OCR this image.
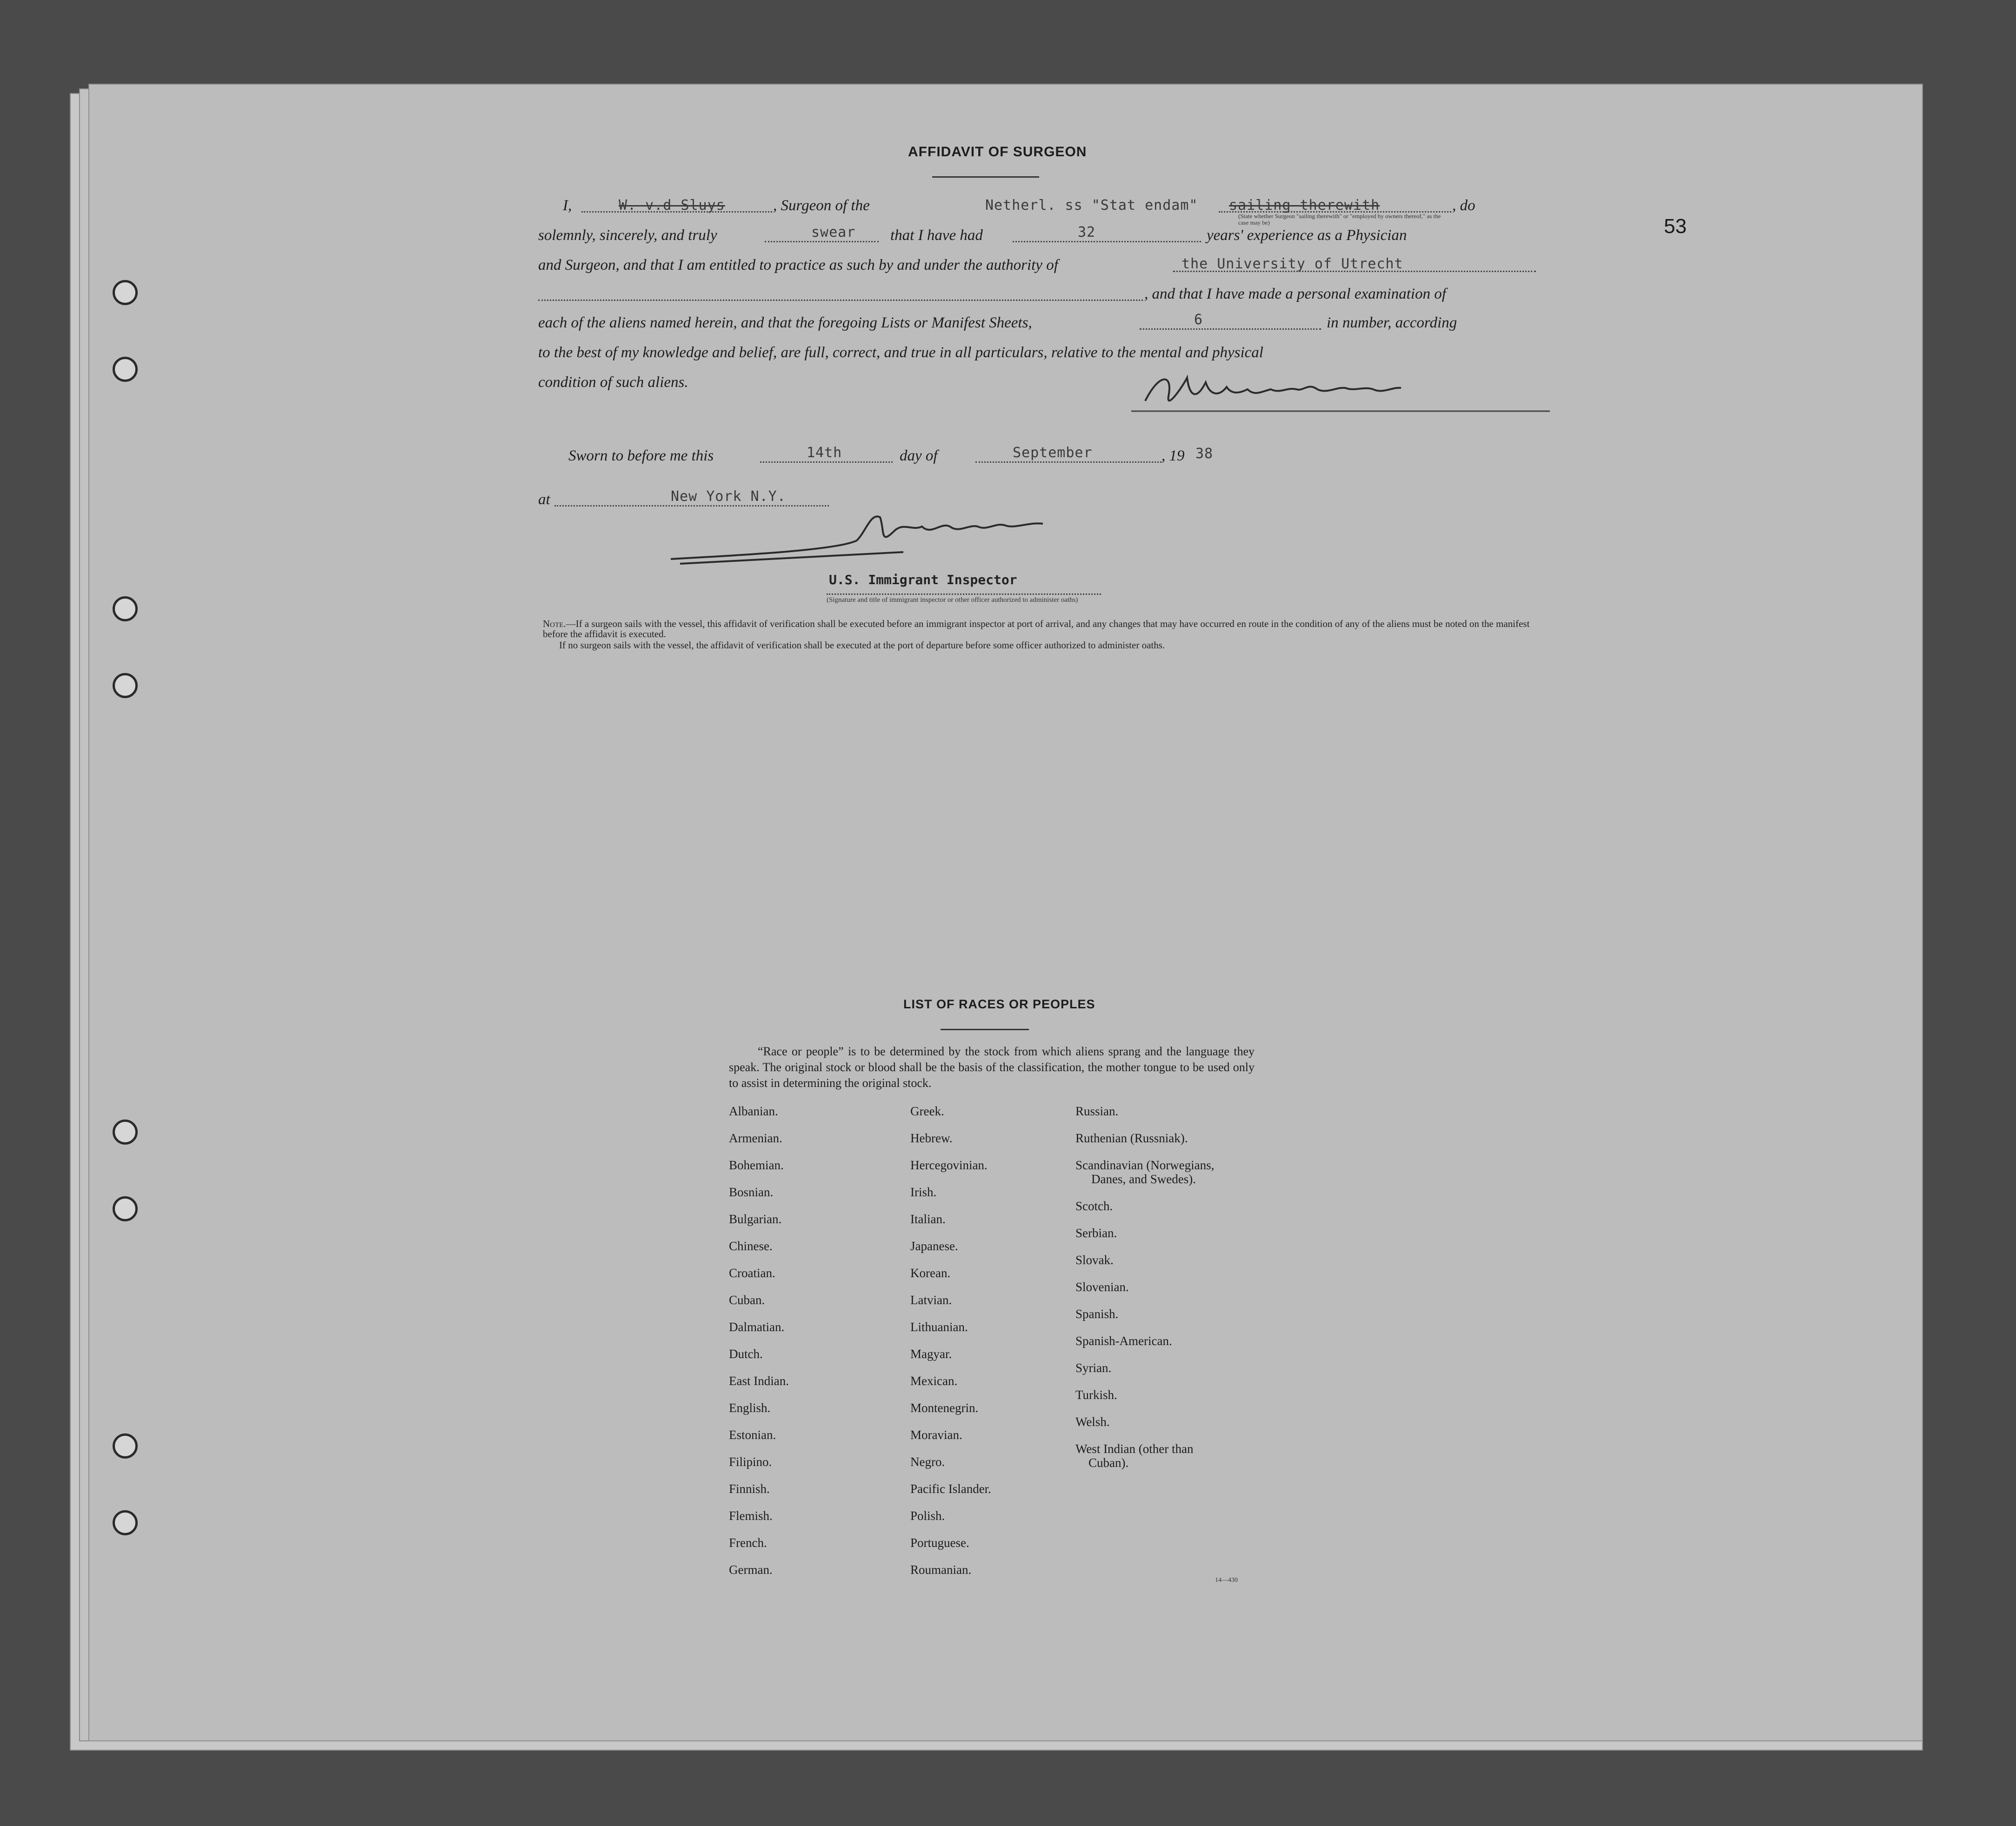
53
AFFIDAVIT OF SURGEON
I,	W. v.d Sluys	, Surgeon of the	Netherl. ss "Stat endam" sailing therewith	, do
(State whether Surgeon "sailing therewith" or "employed by owners thereof," as the case may be)
solemnly, sincerely, and truly	swear that I have had	32	years' experience as a Physician
and Surgeon, and that I am entitled to practice as such by and under the authority of	the University of Utrecht
, and that I have made a personal examination of
each of the aliens named herein, and that the foregoing Lists or Manifest Sheets,	6	in number, according
to the best of my knowledge and belief, are full, correct, and true in all particulars, relative to the mental and physical
condition of such aliens.
Sworn to before me this	14th	day of	September	, 19 38
at	New York N.Y.
U.S. Immigrant Inspector
(Signature and title of immigrant inspector or other officer authorized to administer oaths)
Note.—If a surgeon sails with the vessel, this affidavit of verification shall be executed before an immigrant inspector at port of arrival, and any changes that may have occurred en route in the condition of any of the aliens must be noted on the manifest before the affidavit is executed.
If no surgeon sails with the vessel, the affidavit of verification shall be executed at the port of departure before some officer authorized to administer oaths.
LIST OF RACES OR PEOPLES
“Race or people” is to be determined by the stock from which aliens sprang and the language they speak. The original stock or blood shall be the basis of the classification, the mother tongue to be used only to assist in determining the original stock.
Albanian.
Armenian.
Bohemian.
Bosnian.
Bulgarian.
Chinese.
Croatian.
Cuban.
Dalmatian.
Dutch.
East Indian.
English.
Estonian.
Filipino.
Finnish.
Flemish.
French.
German.
Greek.
Hebrew.
Hercegovinian.
Irish.
Italian.
Japanese.
Korean.
Latvian.
Lithuanian.
Magyar.
Mexican.
Montenegrin.
Moravian.
Negro.
Pacific Islander.
Polish.
Portuguese.
Roumanian.
Russian.
Ruthenian (Russniak).
Scandinavian (Norwegians,
Danes, and Swedes).
Scotch.
Serbian.
Slovak.
Slovenian.
Spanish.
Spanish-American.
Syrian.
Turkish.
Welsh.
West Indian (other than
Cuban).
14—430
